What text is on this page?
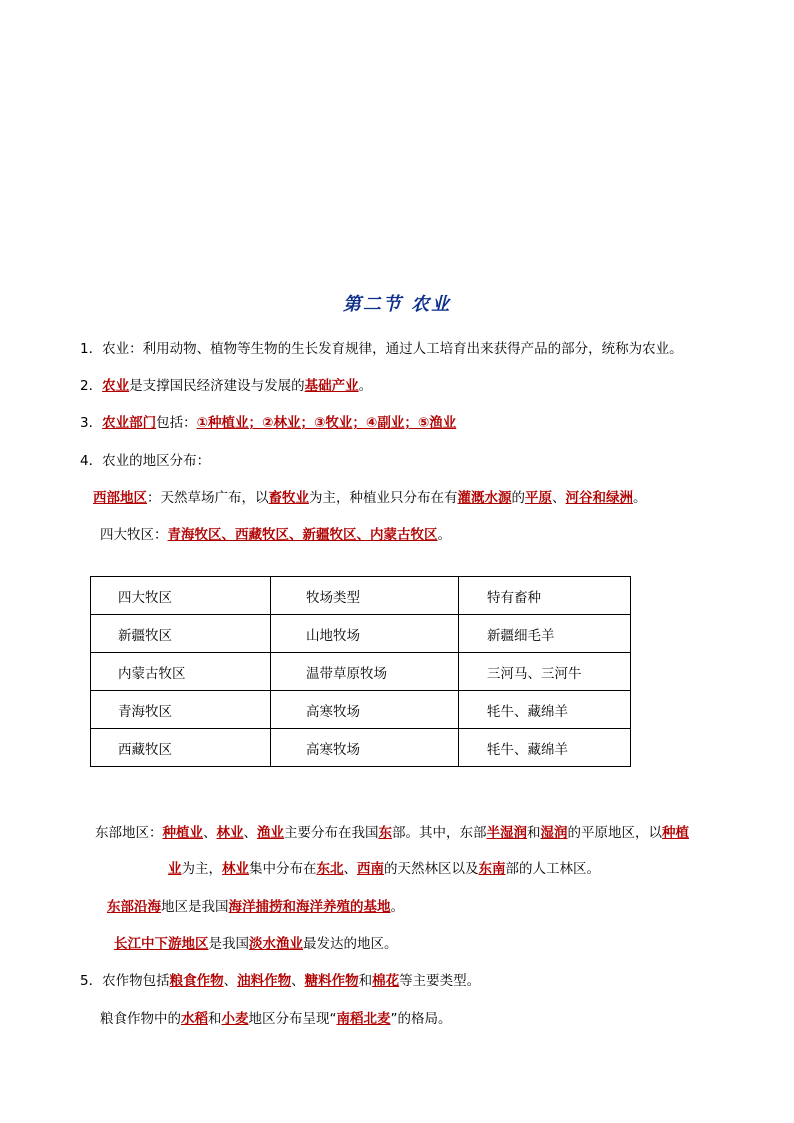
第二节 农业
1．农业：利用动物、植物等生物的生长发育规律，通过人工培育出来获得产品的部分，统称为农业。
2．农业是支撑国民经济建设与发展的基础产业。
3．农业部门包括：①种植业；②林业；③牧业；④副业；⑤渔业
4．农业的地区分布：
西部地区：天然草场广布，以畜牧业为主，种植业只分布在有灌溉水源的平原、河谷和绿洲。
四大牧区：青海牧区、西藏牧区、新疆牧区、内蒙古牧区。
四大牧区	牧场类型	特有畜种
新疆牧区	山地牧场	新疆细毛羊
内蒙古牧区	温带草原牧场	三河马、三河牛
青海牧区	高寒牧场	牦牛、藏绵羊
西藏牧区	高寒牧场	牦牛、藏绵羊
东部地区：种植业、林业、渔业主要分布在我国东部。其中，东部半湿润和湿润的平原地区，以种植
业为主，林业集中分布在东北、西南的天然林区以及东南部的人工林区。
东部沿海地区是我国海洋捕捞和海洋养殖的基地。
长江中下游地区是我国淡水渔业最发达的地区。
5．农作物包括粮食作物、油料作物、糖料作物和棉花等主要类型。
粮食作物中的水稻和小麦地区分布呈现“南稻北麦”的格局。
